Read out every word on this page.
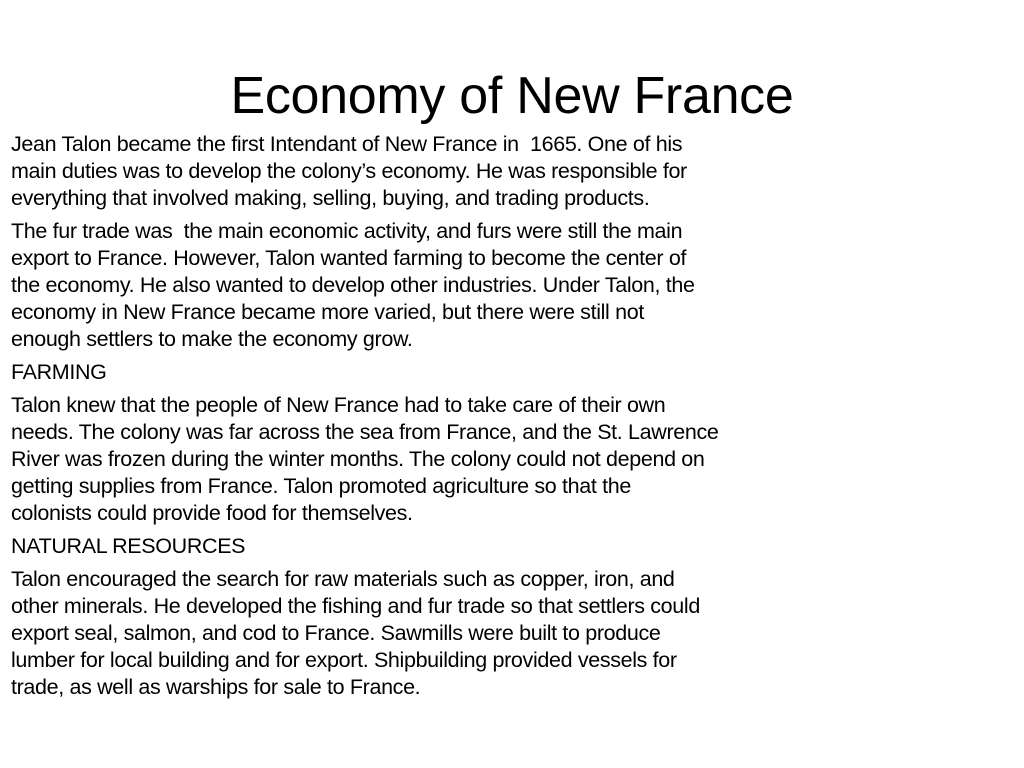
Economy of New France

Jean Talon became the first Intendant of New France in  1665. One of his
main duties was to develop the colony’s economy. He was responsible for
everything that involved making, selling, buying, and trading products.

The fur trade was  the main economic activity, and furs were still the main
export to France. However, Talon wanted farming to become the center of
the economy. He also wanted to develop other industries. Under Talon, the
economy in New France became more varied, but there were still not
enough settlers to make the economy grow.

FARMING

Talon knew that the people of New France had to take care of their own
needs. The colony was far across the sea from France, and the St. Lawrence
River was frozen during the winter months. The colony could not depend on
getting supplies from France. Talon promoted agriculture so that the
colonists could provide food for themselves.

NATURAL RESOURCES

Talon encouraged the search for raw materials such as copper, iron, and
other minerals. He developed the fishing and fur trade so that settlers could
export seal, salmon, and cod to France. Sawmills were built to produce
lumber for local building and for export. Shipbuilding provided vessels for
trade, as well as warships for sale to France.
